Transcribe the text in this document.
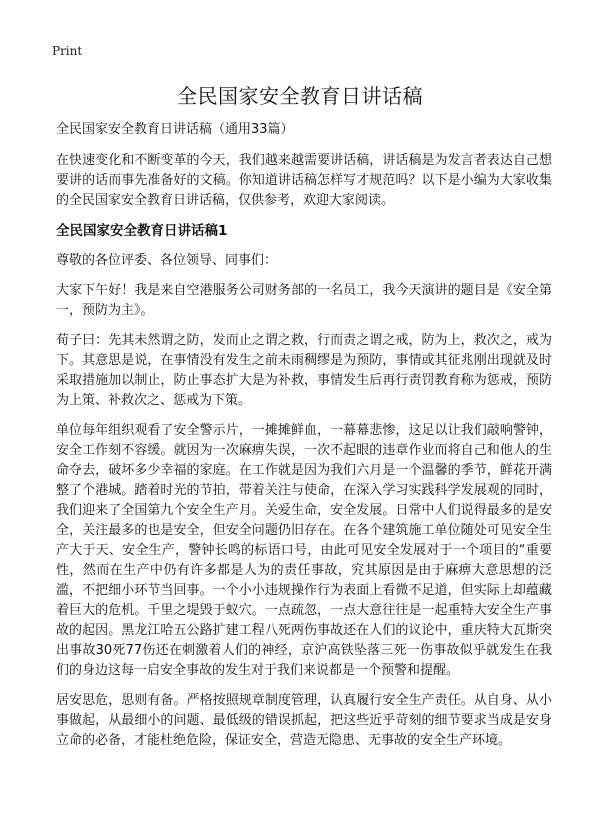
Print
全民国家安全教育日讲话稿

全民国家安全教育日讲话稿（通用33篇）

在快速变化和不断变革的今天，我们越来越需要讲话稿，讲话稿是为发言者表达自己想要讲的话而事先准备好的文稿。你知道讲话稿怎样写才规范吗？以下是小编为大家收集的全民国家安全教育日讲话稿，仅供参考，欢迎大家阅读。

全民国家安全教育日讲话稿1

尊敬的各位评委、各位领导、同事们：

大家下午好！我是来自空港服务公司财务部的一名员工，我今天演讲的题目是《安全第一，预防为主》。

荀子曰：先其未然谓之防，发而止之谓之救，行而责之谓之戒，防为上，救次之，戒为下。其意思是说，在事情没有发生之前未雨稠缪是为预防，事情或其征兆刚出现就及时采取措施加以制止，防止事态扩大是为补救，事情发生后再行责罚教育称为惩戒，预防为上策、补救次之、惩戒为下策。

单位每年组织观看了安全警示片，一摊摊鲜血，一幕幕悲惨，这足以让我们敲响警钟，安全工作刻不容缓。就因为一次麻痹失误，一次不起眼的违章作业而将自己和他人的生命夺去，破坏多少幸福的家庭。在工作就是因为我们六月是一个温馨的季节，鲜花开满整了个港城。踏着时光的节拍，带着关注与使命，在深入学习实践科学发展观的同时，我们迎来了全国第九个安全生产月。关爱生命，安全发展。日常中人们说得最多的是安全，关注最多的也是安全，但安全问题仍旧存在。在各个建筑施工单位随处可见安全生产大于天、安全生产，警钟长鸣的标语口号，由此可见安全发展对于一个项目的“重要性，然而在生产中仍有许多都是人为的责任事故，究其原因是由于麻痹大意思想的泛滥，不把细小环节当回事。一个小小违规操作行为表面上看微不足道，但实际上却蕴藏着巨大的危机。千里之堤毁于蚁穴。一点疏忽，一点大意往往是一起重特大安全生产事故的起因。黑龙江哈五公路扩建工程八死两伤事故还在人们的议论中，重庆特大瓦斯突出事故30死77伤还在刺激着人们的神经，京沪高铁坠落三死一伤事故似乎就发生在我们的身边这每一启安全事故的发生对于我们来说都是一个预警和提醒。

居安思危，思则有备。严格按照规章制度管理，认真履行安全生产责任。从自身、从小事做起，从最细小的问题、最低级的错误抓起，把这些近乎苛刻的细节要求当成是安身立命的必备，才能杜绝危险，保证安全，营造无隐患、无事故的安全生产环境。
